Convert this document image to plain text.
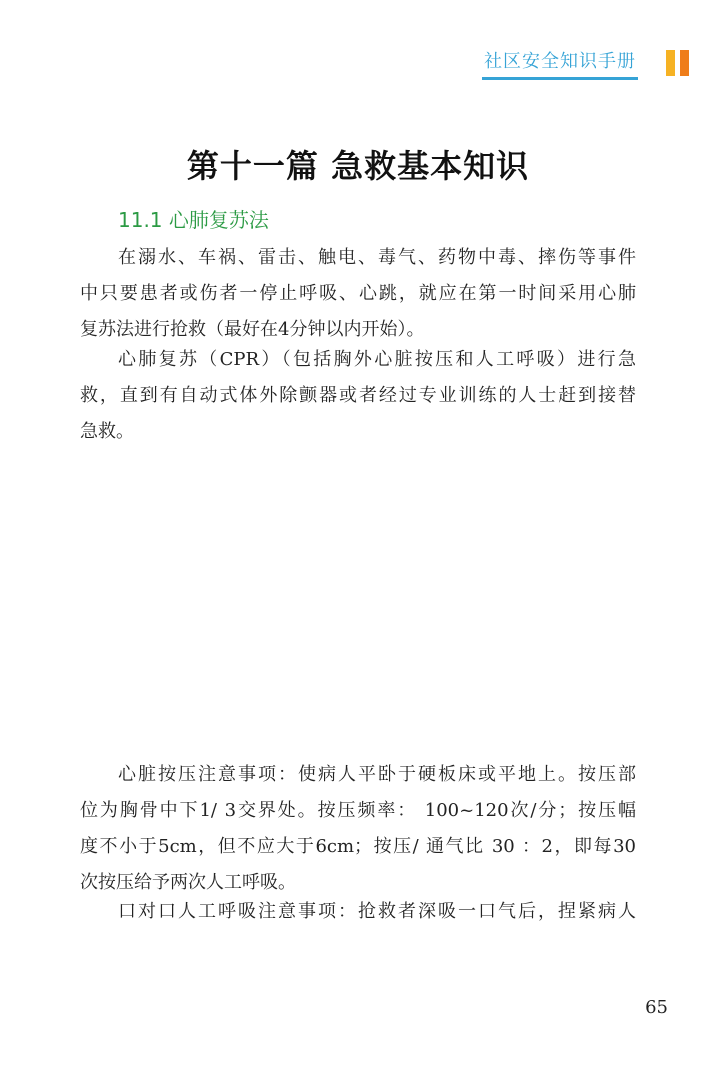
社区安全知识手册
第十一篇 急救基本知识
11.1 心肺复苏法
在溺水、车祸、雷击、触电、毒气、药物中毒、摔伤等事件
中只要患者或伤者一停止呼吸、心跳，就应在第一时间采用心肺
复苏法进行抢救（最好在4分钟以内开始）。
心肺复苏（CPR）（包括胸外心脏按压和人工呼吸）进行急
救，直到有自动式体外除颤器或者经过专业训练的人士赶到接替
急救。
心脏按压注意事项：使病人平卧于硬板床或平地上。按压部
位为胸骨中下1/ 3交界处。按压频率： 100~120次/分；按压幅
度不小于5cm，但不应大于6cm；按压/ 通气比 30 ：2，即每30
次按压给予两次人工呼吸。
口对口人工呼吸注意事项：抢救者深吸一口气后，捏紧病人
65
